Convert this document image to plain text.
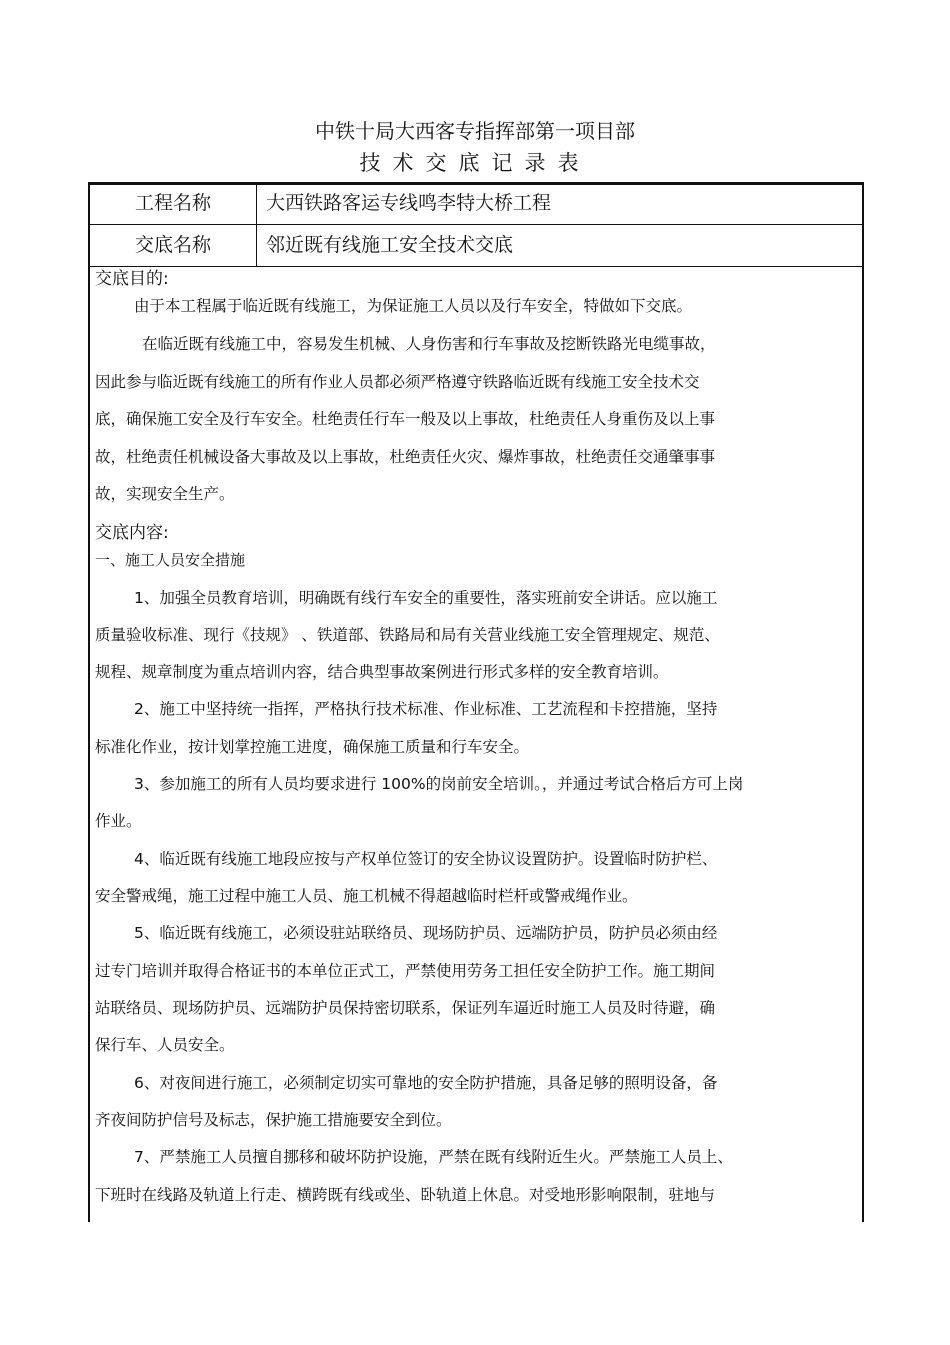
中铁十局大西客专指挥部第一项目部
技术交底记录表
工程名称	大西铁路客运专线鸣李特大桥工程
交底名称	邻近既有线施工安全技术交底
交底目的:
由于本工程属于临近既有线施工，为保证施工人员以及行车安全，特做如下交底。
在临近既有线施工中，容易发生机械、人身伤害和行车事故及挖断铁路光电缆事故，
因此参与临近既有线施工的所有作业人员都必须严格遵守铁路临近既有线施工安全技术交
底，确保施工安全及行车安全。杜绝责任行车一般及以上事故，杜绝责任人身重伤及以上事
故，杜绝责任机械设备大事故及以上事故，杜绝责任火灾、爆炸事故，杜绝责任交通肇事事
故，实现安全生产。
交底内容:
一、施工人员安全措施
1、加强全员教育培训，明确既有线行车安全的重要性，落实班前安全讲话。应以施工
质量验收标准、现行《技规》 、铁道部、铁路局和局有关营业线施工安全管理规定、规范、
规程、规章制度为重点培训内容，结合典型事故案例进行形式多样的安全教育培训。
2、施工中坚持统一指挥，严格执行技术标准、作业标准、工艺流程和卡控措施，坚持
标准化作业，按计划掌控施工进度，确保施工质量和行车安全。
3、参加施工的所有人员均要求进行 100%的岗前安全培训。，并通过考试合格后方可上岗
作业。
4、临近既有线施工地段应按与产权单位签订的安全协议设置防护。设置临时防护栏、
安全警戒绳，施工过程中施工人员、施工机械不得超越临时栏杆或警戒绳作业。
5、临近既有线施工，必须设驻站联络员、现场防护员、远端防护员，防护员必须由经
过专门培训并取得合格证书的本单位正式工，严禁使用劳务工担任安全防护工作。施工期间
站联络员、现场防护员、远端防护员保持密切联系，保证列车逼近时施工人员及时待避，确
保行车、人员安全。
6、对夜间进行施工，必须制定切实可靠地的安全防护措施，具备足够的照明设备，备
齐夜间防护信号及标志，保护施工措施要安全到位。
7、严禁施工人员擅自挪移和破坏防护设施，严禁在既有线附近生火。严禁施工人员上、
下班时在线路及轨道上行走、横跨既有线或坐、卧轨道上休息。对受地形影响限制，驻地与
